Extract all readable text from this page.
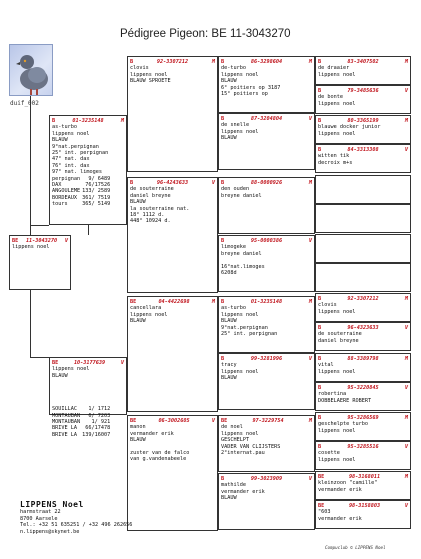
Pédigree Pigeon: BE 11-3043270
duif_002
BE 11-3043270 V
lippens noel
B	01-3235148	M
as-turbo
lippens noel
BLAUW
9°nat.perpignan
25° int. perpignan
47° nat. dax
76° int. dax
97° nat. limoges
perpignan	9/ 6489
DAX	76/17526
ANGOULEME	133/ 2589
BORDEAUX	361/ 7519
tours	365/ 5149
BE	10-3177639	V
lippens noel
BLAUW
SOUILLAC	1/ 1712
MONTAUBAN	6/ 7203
MONTAUBAN	1/ 921
BRIVE LA	66/17478
BRIVE LA	139/16007
B	92-3307212	M
clovis
lippens noel
BLAUW SPROETE
B	96-4243633	V
de souterraine
daniel breyne
BLAUW
la souterraine nat.
18° 1112 d.
448° 10924 d.
BE	04-4422698	M
cancellara
lippens noel
BLAUW
BE	06-3002605	V
manon
vermander erik
BLAUW

zuster van de falco
van g.vandenabeele
B	86-3298604	M
de-turbo
lippens noel
BLAUW
6° poitiers op 3187
15° poitiers op
B	87-3204804	V
de snelle
lippens noel
BLAUW
B	88-0000926	M
den ouden
breyne daniel
B	95-0000386	V
limogeke
breyne daniel

16°nat.limoges
6208d
B	01-3235148	M
as-turbo
lippens noel
BLAUW
9°nat.perpignan
25° int. perpignan
B	99-3281996	V
tracy
lippens noel
BLAUW
BE	97-3229754	M
de noel
lippens noel
GESCHELPT
VADER VAN CLIJSTERS
2°internat.pau
B	99-3023909	V
mathilde
vermander erik
BLAUW
B	83-3407502	M
de draaier
lippens noel
B	79-3485636	V
de bonte
lippens noel
B	80-3365199	M
blauwe docker junior
lippens noel
B	84-3313308	V
witten tik
decroix m+s
B	92-3307212	M
clovis
lippens noel
B	96-4323633	V
de souterraine
daniel breyne
B	88-3389798	M
vital
lippens noel
B	95-3220845	V
robertina
DOBBELAERE ROBERT
B	95-3286569	M
geschelpte turbo
lippens noel
B	95-3285516	V
cosette
lippens noel
BE	98-3168011	M
kleinzoon "camille"
vermander erik
BE	98-3158803	V
"603
vermander erik
LIPPENS Noel
harmstraat 22
8700 Aarsele
Tel.: +32 51 635251 / +32 496 262656
n.lippens@skynet.be
Compuclub © LIPPENS Noel
